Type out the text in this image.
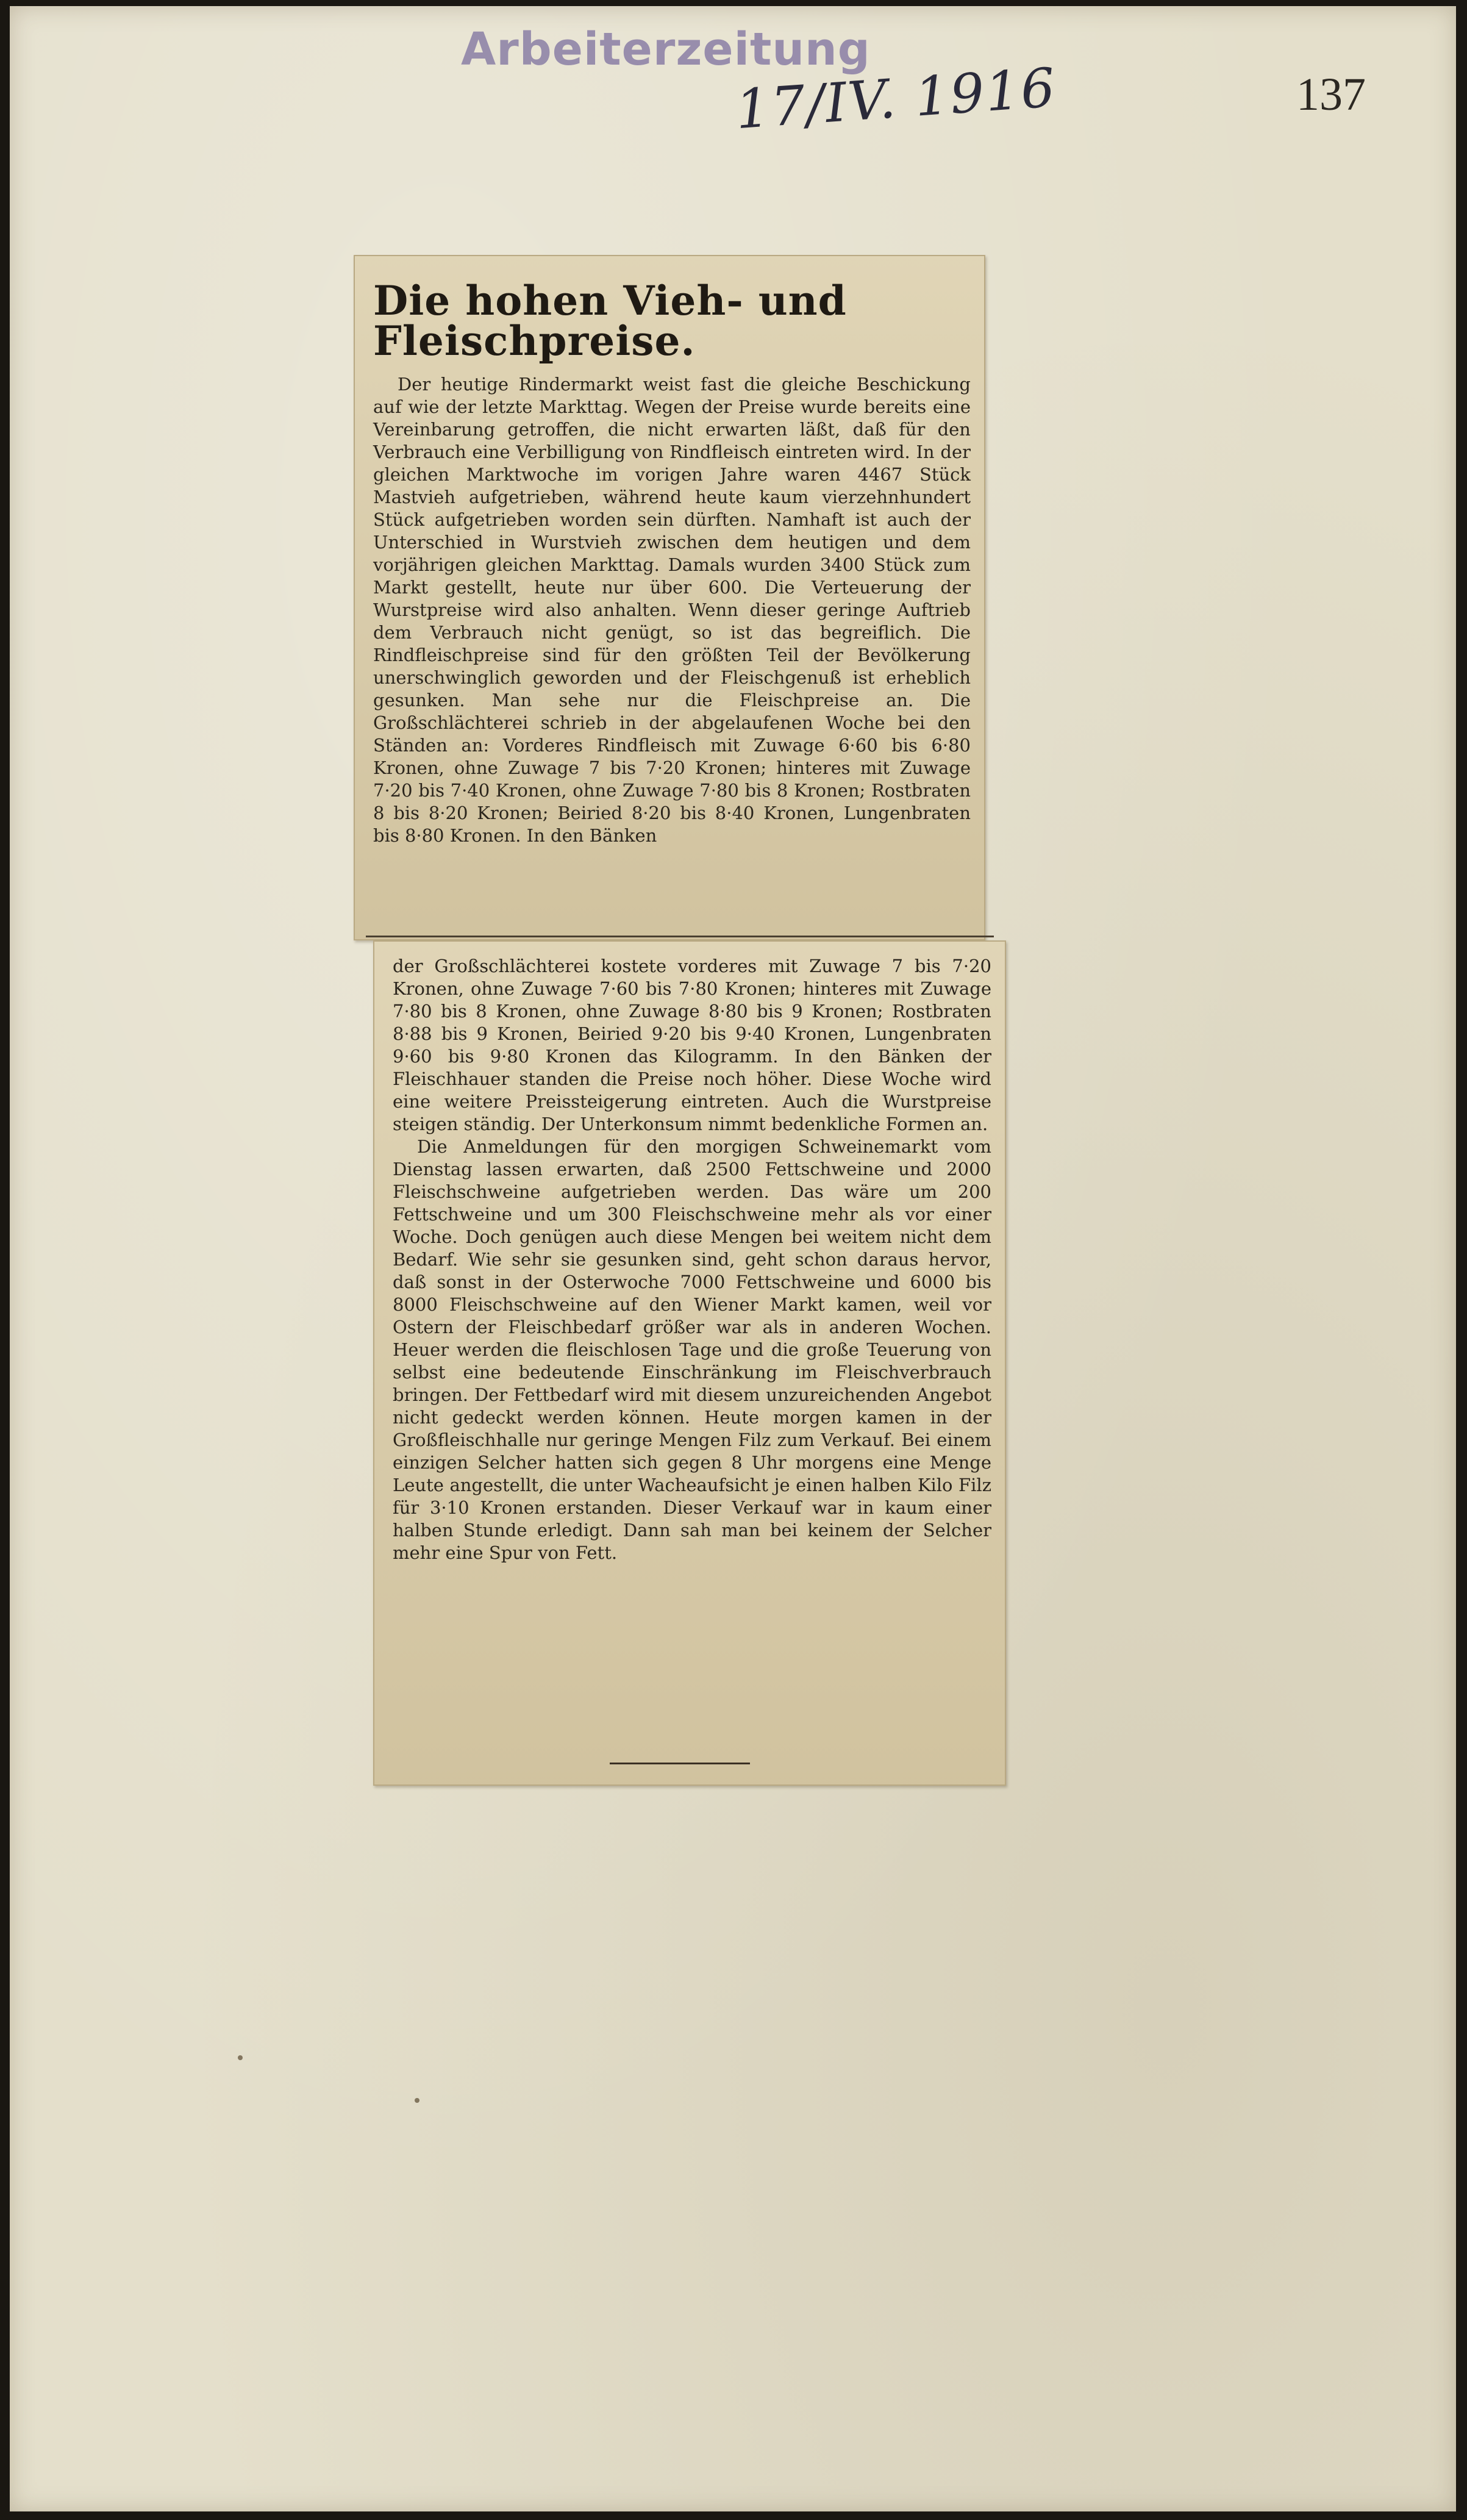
Arbeiterzeitung
17/IV. 1916	137
Die hohen Vieh- und Fleischpreise.

Der heutige Rindermarkt weist fast die gleiche Beschickung auf wie der letzte Markttag. Wegen der Preise wurde bereits eine Vereinbarung getroffen, die nicht erwarten läßt, daß für den Verbrauch eine Verbilligung von Rindfleisch eintreten wird. In der gleichen Marktwoche im vorigen Jahre waren 4467 Stück Mastvieh aufgetrieben, während heute kaum vierzehnhundert Stück aufgetrieben worden sein dürften. Namhaft ist auch der Unterschied in Wurstvieh zwischen dem heutigen und dem vorjährigen gleichen Markttag. Damals wurden 3400 Stück zum Markt gestellt, heute nur über 600. Die Verteuerung der Wurstpreise wird also anhalten. Wenn dieser geringe Auftrieb dem Verbrauch nicht genügt, so ist das begreiflich. Die Rindfleischpreise sind für den größten Teil der Bevölkerung unerschwinglich geworden und der Fleischgenuß ist erheblich gesunken. Man sehe nur die Fleischpreise an. Die Großschlächterei schrieb in der abgelaufenen Woche bei den Ständen an: Vorderes Rindfleisch mit Zuwage 6·60 bis 6·80 Kronen, ohne Zuwage 7 bis 7·20 Kronen; hinteres mit Zuwage 7·20 bis 7·40 Kronen, ohne Zuwage 7·80 bis 8 Kronen; Rostbraten 8 bis 8·20 Kronen; Beiried 8·20 bis 8·40 Kronen, Lungenbraten bis 8·80 Kronen. In den Bänken

der Großschlächterei kostete vorderes mit Zuwage 7 bis 7·20 Kronen, ohne Zuwage 7·60 bis 7·80 Kronen; hinteres mit Zuwage 7·80 bis 8 Kronen, ohne Zuwage 8·80 bis 9 Kronen; Rostbraten 8·88 bis 9 Kronen, Beiried 9·20 bis 9·40 Kronen, Lungenbraten 9·60 bis 9·80 Kronen das Kilogramm. In den Bänken der Fleischhauer standen die Preise noch höher. Diese Woche wird eine weitere Preissteigerung eintreten. Auch die Wurstpreise steigen ständig. Der Unterkonsum nimmt bedenkliche Formen an.

Die Anmeldungen für den morgigen Schweinemarkt vom Dienstag lassen erwarten, daß 2500 Fettschweine und 2000 Fleischschweine aufgetrieben werden. Das wäre um 200 Fettschweine und um 300 Fleischschweine mehr als vor einer Woche. Doch genügen auch diese Mengen bei weitem nicht dem Bedarf. Wie sehr sie gesunken sind, geht schon daraus hervor, daß sonst in der Osterwoche 7000 Fettschweine und 6000 bis 8000 Fleischschweine auf den Wiener Markt kamen, weil vor Ostern der Fleischbedarf größer war als in anderen Wochen. Heuer werden die fleischlosen Tage und die große Teuerung von selbst eine bedeutende Einschränkung im Fleischverbrauch bringen. Der Fettbedarf wird mit diesem unzureichenden Angebot nicht gedeckt werden können. Heute morgen kamen in der Großfleischhalle nur geringe Mengen Filz zum Verkauf. Bei einem einzigen Selcher hatten sich gegen 8 Uhr morgens eine Menge Leute angestellt, die unter Wacheaufsicht je einen halben Kilo Filz für 3·10 Kronen erstanden. Dieser Verkauf war in kaum einer halben Stunde erledigt. Dann sah man bei keinem der Selcher mehr eine Spur von Fett.
